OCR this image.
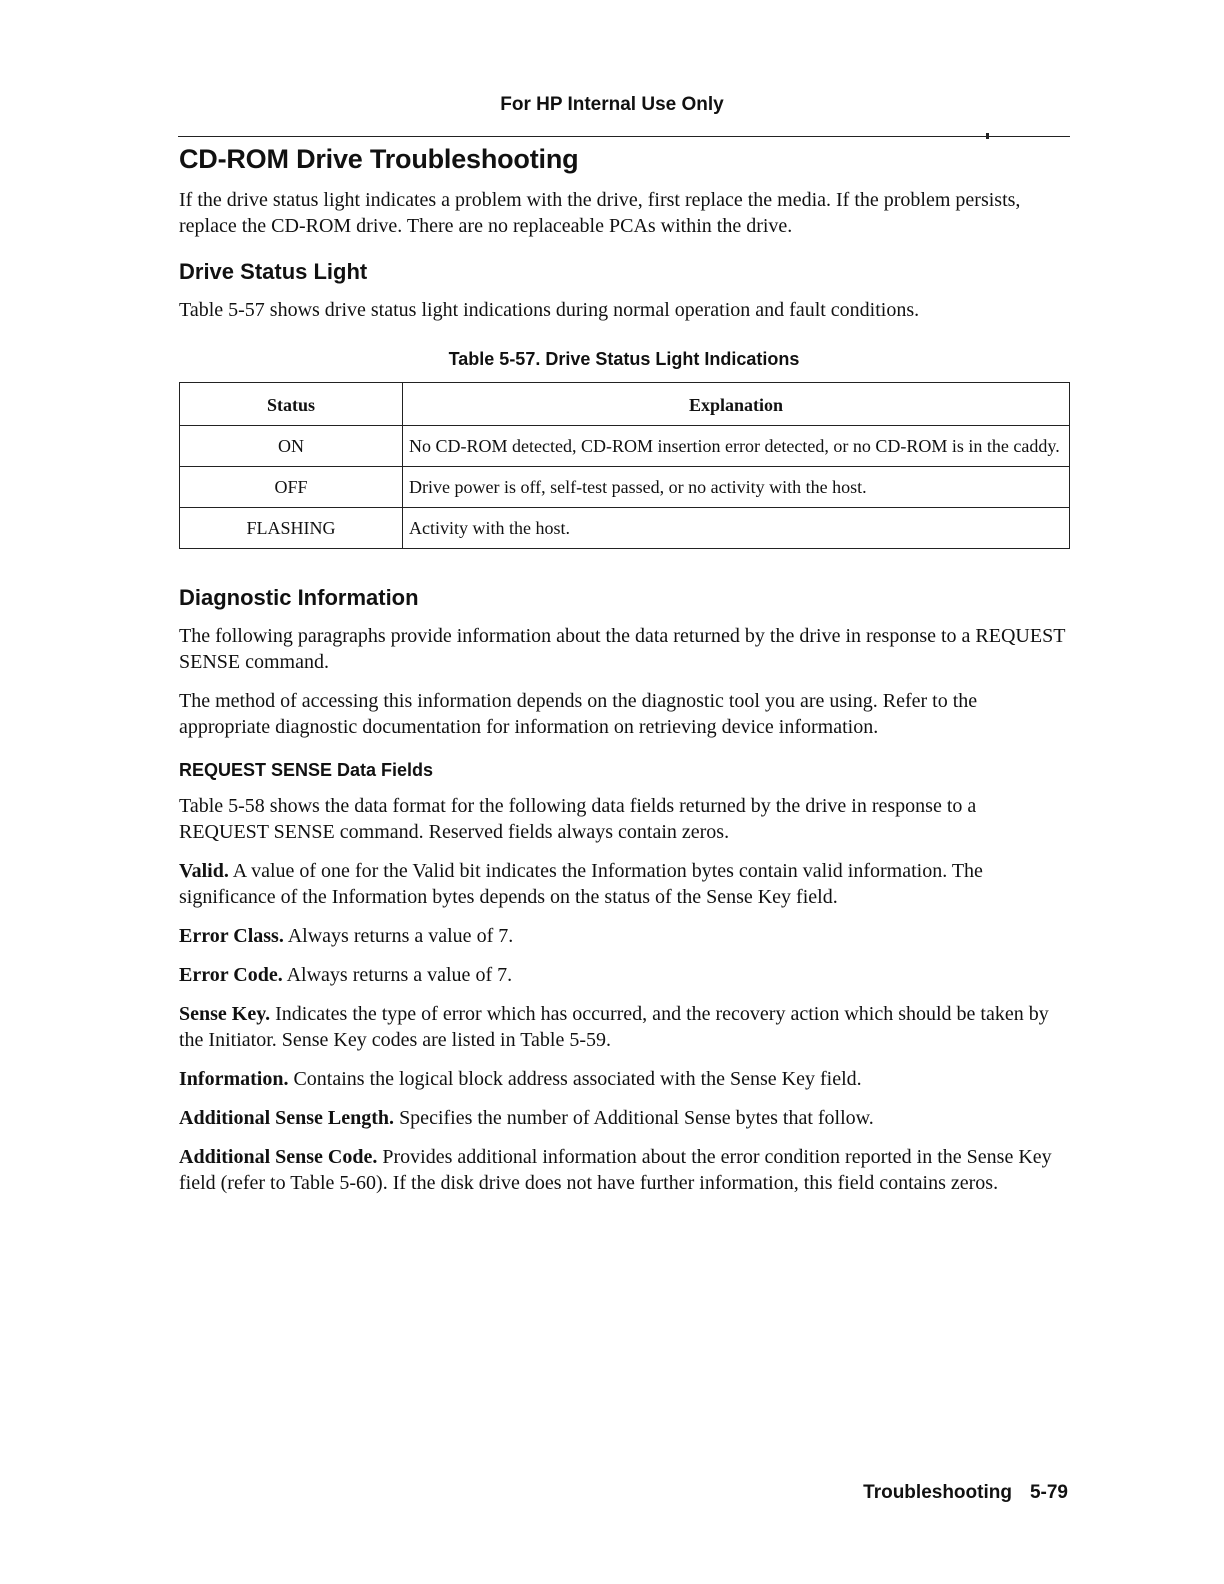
For HP Internal Use Only
CD-ROM Drive Troubleshooting

If the drive status light indicates a problem with the drive, first replace the media. If the problem persists, replace the CD-ROM drive. There are no replaceable PCAs within the drive.

Drive Status Light

Table 5-57 shows drive status light indications during normal operation and fault conditions.

Table 5-57. Drive Status Light Indications
Status	Explanation
ON	No CD-ROM detected, CD-ROM insertion error detected, or no CD-ROM is in the caddy.
OFF	Drive power is off, self-test passed, or no activity with the host.
FLASHING	Activity with the host.
Diagnostic Information

The following paragraphs provide information about the data returned by the drive in response to a REQUEST SENSE command.

The method of accessing this information depends on the diagnostic tool you are using. Refer to the appropriate diagnostic documentation for information on retrieving device information.

REQUEST SENSE Data Fields

Table 5-58 shows the data format for the following data fields returned by the drive in response to a REQUEST SENSE command. Reserved fields always contain zeros.

Valid. A value of one for the Valid bit indicates the Information bytes contain valid information. The significance of the Information bytes depends on the status of the Sense Key field.

Error Class. Always returns a value of 7.

Error Code. Always returns a value of 7.

Sense Key. Indicates the type of error which has occurred, and the recovery action which should be taken by the Initiator. Sense Key codes are listed in Table 5-59.

Information. Contains the logical block address associated with the Sense Key field.

Additional Sense Length. Specifies the number of Additional Sense bytes that follow.

Additional Sense Code. Provides additional information about the error condition reported in the Sense Key field (refer to Table 5-60). If the disk drive does not have further information, this field contains zeros.

Troubleshooting 5-79
